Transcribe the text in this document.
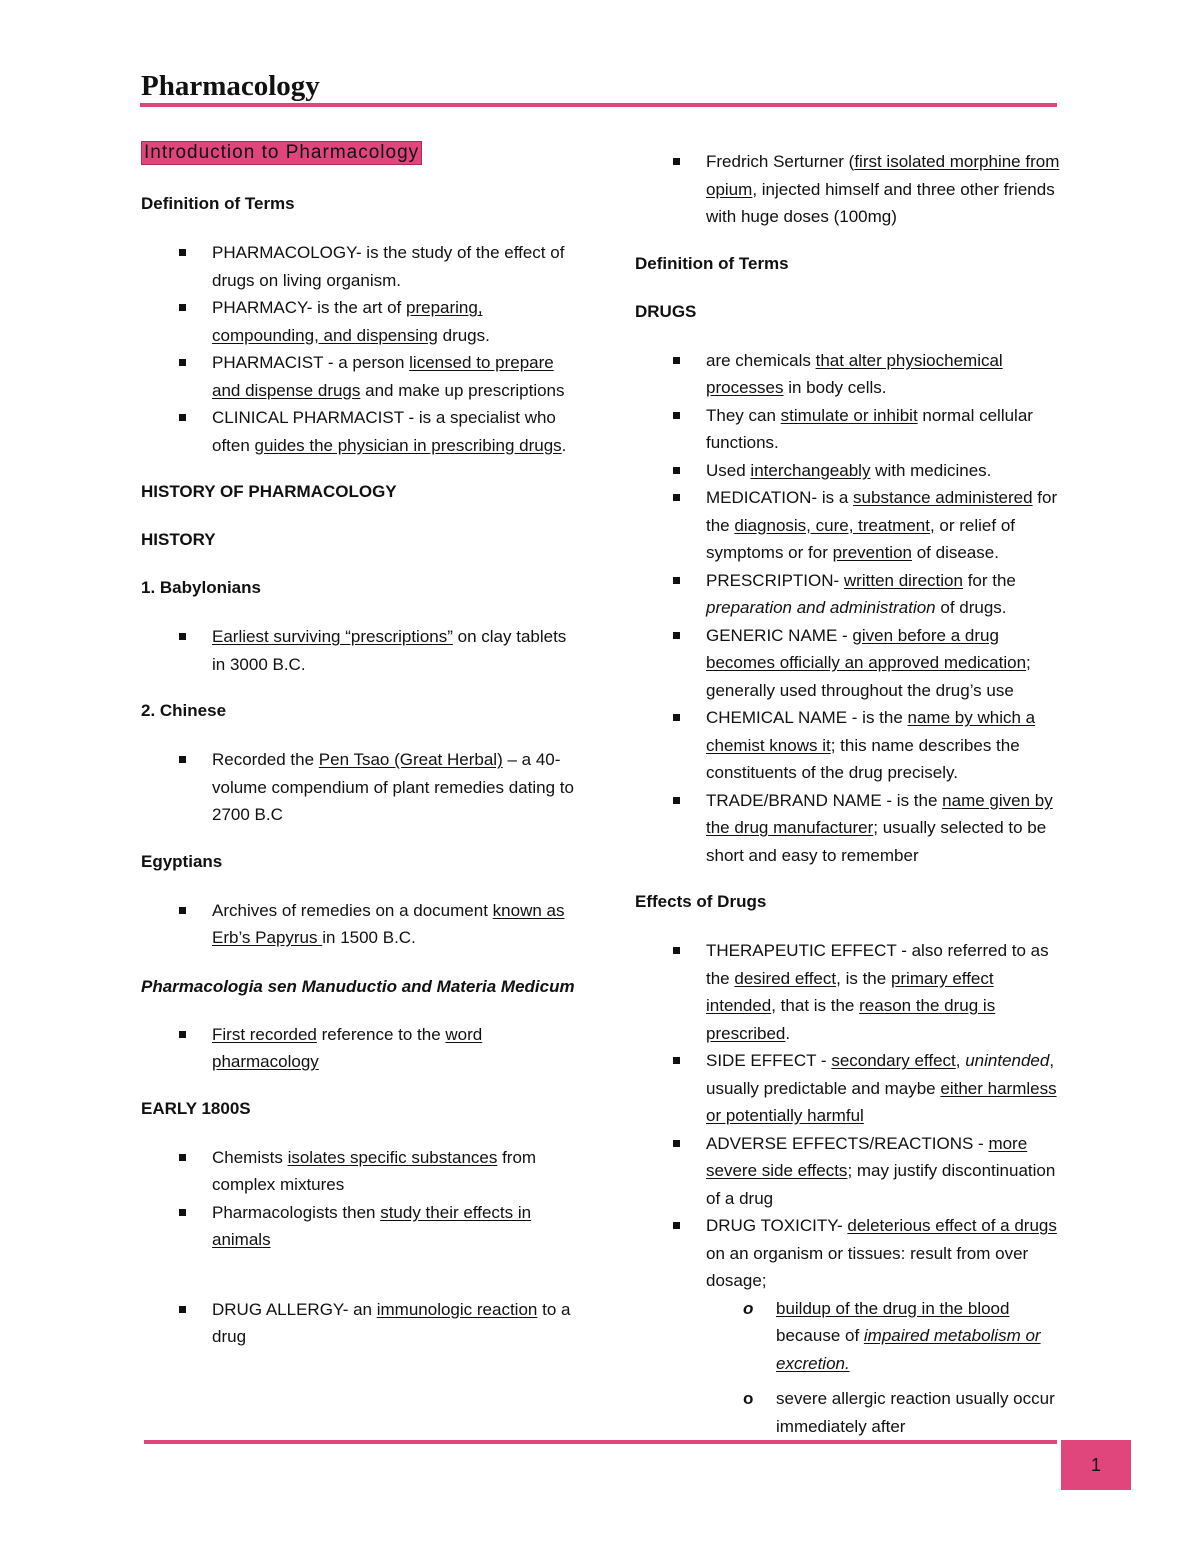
Pharmacology
Introduction to Pharmacology

Definition of Terms

PHARMACOLOGY- is the study of the effect of drugs on living organism.
PHARMACY- is the art of preparing, compounding, and dispensing drugs.
PHARMACIST - a person licensed to prepare and dispense drugs and make up prescriptions
CLINICAL PHARMACIST - is a specialist who often guides the physician in prescribing drugs.

HISTORY OF PHARMACOLOGY

HISTORY

1. Babylonians

Earliest surviving “prescriptions” on clay tablets in 3000 B.C.

2. Chinese

Recorded the Pen Tsao (Great Herbal) – a 40-volume compendium of plant remedies dating to 2700 B.C

Egyptians

Archives of remedies on a document known as Erb’s Papyrus in 1500 B.C.

Pharmacologia sen Manuductio and Materia Medicum

First recorded reference to the word pharmacology

EARLY 1800S

Chemists isolates specific substances from complex mixtures
Pharmacologists then study their effects in animals
DRUG ALLERGY- an immunologic reaction to a drug
Fredrich Serturner (first isolated morphine from opium, injected himself and three other friends with huge doses (100mg)

Definition of Terms

DRUGS

are chemicals that alter physiochemical processes in body cells.
They can stimulate or inhibit normal cellular functions.
Used interchangeably with medicines.
MEDICATION- is a substance administered for the diagnosis, cure, treatment, or relief of symptoms or for prevention of disease.
PRESCRIPTION- written direction for the preparation and administration of drugs.
GENERIC NAME - given before a drug becomes officially an approved medication; generally used throughout the drug’s use
CHEMICAL NAME - is the name by which a chemist knows it; this name describes the constituents of the drug precisely.
TRADE/BRAND NAME - is the name given by the drug manufacturer; usually selected to be short and easy to remember

Effects of Drugs

THERAPEUTIC EFFECT - also referred to as the desired effect, is the primary effect intended, that is the reason the drug is prescribed.
SIDE EFFECT - secondary effect, unintended, usually predictable and maybe either harmless or potentially harmful
ADVERSE EFFECTS/REACTIONS - more severe side effects; may justify discontinuation of a drug
DRUG TOXICITY- deleterious effect of a drugs on an organism or tissues: result from over dosage;
o buildup of the drug in the blood because of impaired metabolism or excretion.
o severe allergic reaction usually occur immediately after
1
